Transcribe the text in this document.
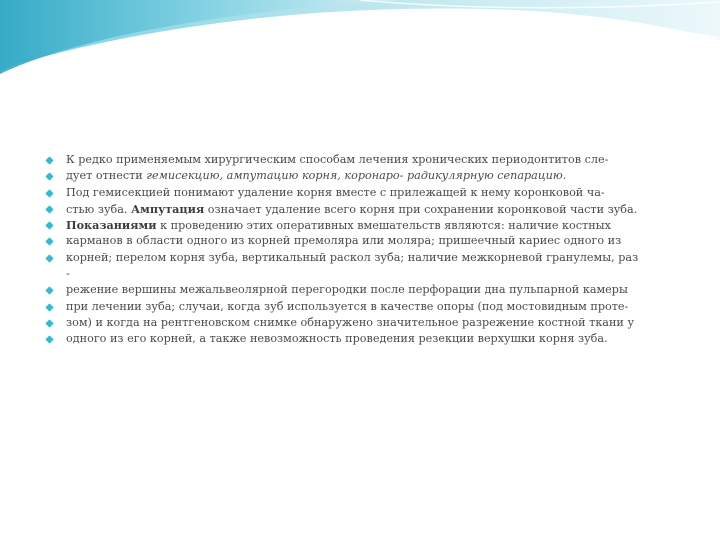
К редко применяемым хирургическим способам лечения хронических периодонтитов сле-
дует отнести гемисекцию, ампутацию корня, коронаро- радикулярную сепарацию.
Под гемисекцией понимают удаление корня вместе с прилежащей к нему коронковой ча-
стью зуба. Ампутация означает удаление всего корня при сохранении коронковой части зуба.
Показаниями к проведению этих оперативных вмешательств являются: наличие костных
карманов в области одного из корней премоляра или моляра; пришеечный кариес одного из
корней; перелом корня зуба, вертикальный раскол зуба; наличие межкорневой гранулемы, раз
-
режение вершины межальвеолярной перегородки после перфорации дна пульпарной камеры
при лечении зуба; случаи, когда зуб используется в качестве опоры (под мостовидным проте-
зом) и когда на рентгеновском снимке обнаружено значительное разрежение костной ткани у
одного из его корней, а также невозможность проведения резекции верхушки корня зуба.
